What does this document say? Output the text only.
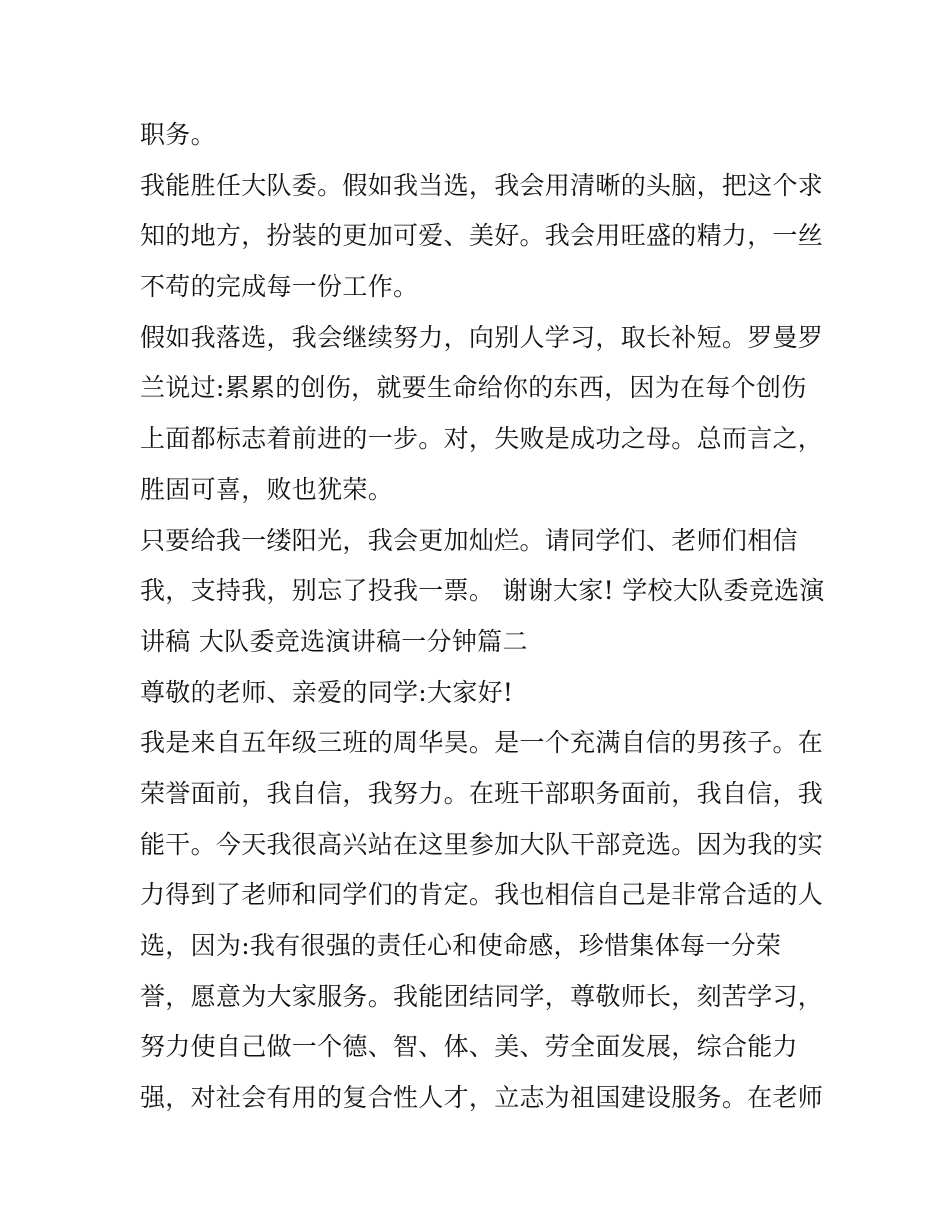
职务。
我能胜任大队委。假如我当选，我会用清晰的头脑，把这个求
知的地方，扮装的更加可爱、美好。我会用旺盛的精力，一丝
不苟的完成每一份工作。
假如我落选，我会继续努力，向别人学习，取长补短。罗曼罗
兰说过:累累的创伤，就要生命给你的东西，因为在每个创伤
上面都标志着前进的一步。对，失败是成功之母。总而言之，
胜固可喜，败也犹荣。
只要给我一缕阳光，我会更加灿烂。请同学们、老师们相信
我，支持我，别忘了投我一票。 谢谢大家! 学校大队委竞选演
讲稿 大队委竞选演讲稿一分钟篇二
尊敬的老师、亲爱的同学:大家好!
我是来自五年级三班的周华昊。是一个充满自信的男孩子。在
荣誉面前，我自信，我努力。在班干部职务面前，我自信，我
能干。今天我很高兴站在这里参加大队干部竞选。因为我的实
力得到了老师和同学们的肯定。我也相信自己是非常合适的人
选，因为:我有很强的责任心和使命感，珍惜集体每一分荣
誉，愿意为大家服务。我能团结同学，尊敬师长，刻苦学习，
努力使自己做一个德、智、体、美、劳全面发展，综合能力
强，对社会有用的复合性人才，立志为祖国建设服务。在老师
